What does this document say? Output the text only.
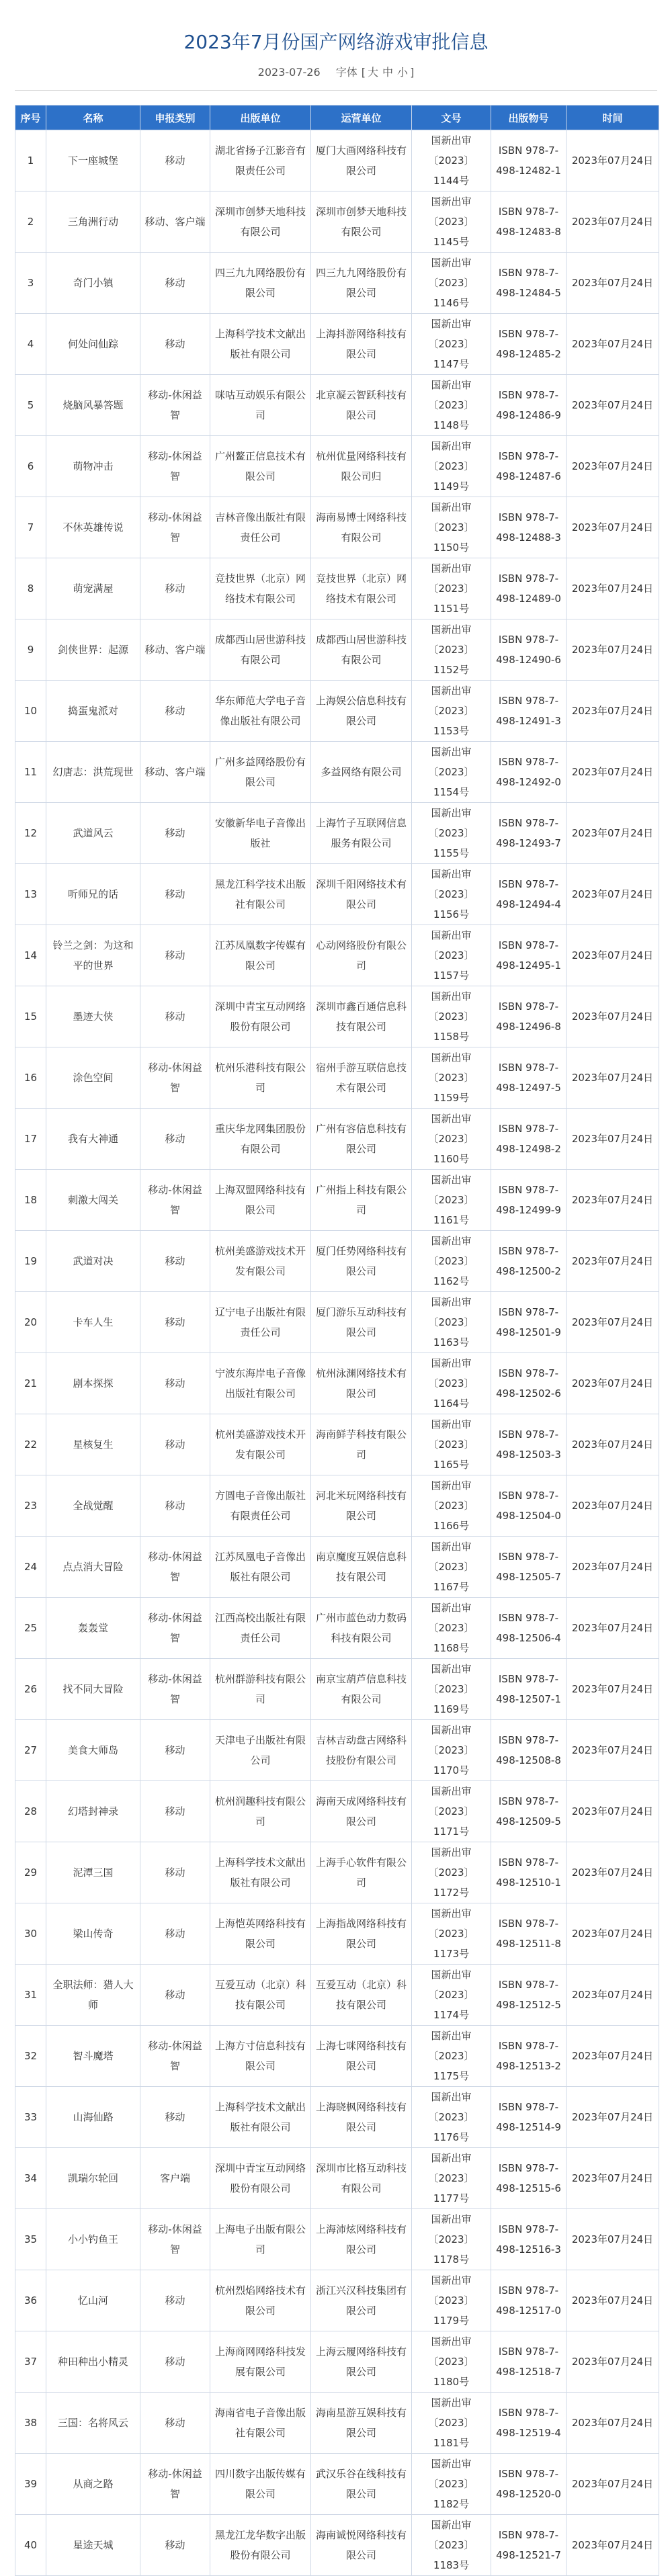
2023年7月份国产网络游戏审批信息
2023-07-26 字体 [ 大 中 小 ]
序号	名称	申报类别	出版单位	运营单位	文号	出版物号	时间
1	下一座城堡	移动	湖北省扬子江影音有限责任公司	厦门大画网络科技有限公司	国新出审〔2023〕1144号	ISBN 978-7-498-12482-1	2023年07月24日
2	三角洲行动	移动、客户端	深圳市创梦天地科技有限公司	深圳市创梦天地科技有限公司	国新出审〔2023〕1145号	ISBN 978-7-498-12483-8	2023年07月24日
3	奇门小镇	移动	四三九九网络股份有限公司	四三九九网络股份有限公司	国新出审〔2023〕1146号	ISBN 978-7-498-12484-5	2023年07月24日
4	何处问仙踪	移动	上海科学技术文献出版社有限公司	上海抖游网络科技有限公司	国新出审〔2023〕1147号	ISBN 978-7-498-12485-2	2023年07月24日
5	烧脑风暴答题	移动-休闲益智	咪咕互动娱乐有限公司	北京凝云智跃科技有限公司	国新出审〔2023〕1148号	ISBN 978-7-498-12486-9	2023年07月24日
6	萌物冲击	移动-休闲益智	广州鳌正信息技术有限公司	杭州优量网络科技有限公司归	国新出审〔2023〕1149号	ISBN 978-7-498-12487-6	2023年07月24日
7	不休英雄传说	移动-休闲益智	吉林音像出版社有限责任公司	海南易博士网络科技有限公司	国新出审〔2023〕1150号	ISBN 978-7-498-12488-3	2023年07月24日
8	萌宠满屋	移动	竞技世界（北京）网络技术有限公司	竞技世界（北京）网络技术有限公司	国新出审〔2023〕1151号	ISBN 978-7-498-12489-0	2023年07月24日
9	剑侠世界：起源	移动、客户端	成都西山居世游科技有限公司	成都西山居世游科技有限公司	国新出审〔2023〕1152号	ISBN 978-7-498-12490-6	2023年07月24日
10	捣蛋鬼派对	移动	华东师范大学电子音像出版社有限公司	上海娱公信息科技有限公司	国新出审〔2023〕1153号	ISBN 978-7-498-12491-3	2023年07月24日
11	幻唐志：洪荒现世	移动、客户端	广州多益网络股份有限公司	多益网络有限公司	国新出审〔2023〕1154号	ISBN 978-7-498-12492-0	2023年07月24日
12	武道风云	移动	安徽新华电子音像出版社	上海竹子互联网信息服务有限公司	国新出审〔2023〕1155号	ISBN 978-7-498-12493-7	2023年07月24日
13	听师兄的话	移动	黑龙江科学技术出版社有限公司	深圳千阳网络技术有限公司	国新出审〔2023〕1156号	ISBN 978-7-498-12494-4	2023年07月24日
14	铃兰之剑：为这和平的世界	移动	江苏凤凰数字传媒有限公司	心动网络股份有限公司	国新出审〔2023〕1157号	ISBN 978-7-498-12495-1	2023年07月24日
15	墨迹大侠	移动	深圳中青宝互动网络股份有限公司	深圳市鑫百通信息科技有限公司	国新出审〔2023〕1158号	ISBN 978-7-498-12496-8	2023年07月24日
16	涂色空间	移动-休闲益智	杭州乐港科技有限公司	宿州手游互联信息技术有限公司	国新出审〔2023〕1159号	ISBN 978-7-498-12497-5	2023年07月24日
17	我有大神通	移动	重庆华龙网集团股份有限公司	广州有容信息科技有限公司	国新出审〔2023〕1160号	ISBN 978-7-498-12498-2	2023年07月24日
18	刺激大闯关	移动-休闲益智	上海双盟网络科技有限公司	广州指上科技有限公司	国新出审〔2023〕1161号	ISBN 978-7-498-12499-9	2023年07月24日
19	武道对决	移动	杭州美盛游戏技术开发有限公司	厦门任势网络科技有限公司	国新出审〔2023〕1162号	ISBN 978-7-498-12500-2	2023年07月24日
20	卡车人生	移动	辽宁电子出版社有限责任公司	厦门游乐互动科技有限公司	国新出审〔2023〕1163号	ISBN 978-7-498-12501-9	2023年07月24日
21	剧本探探	移动	宁波东海岸电子音像出版社有限公司	杭州泳渊网络技术有限公司	国新出审〔2023〕1164号	ISBN 978-7-498-12502-6	2023年07月24日
22	星核复生	移动	杭州美盛游戏技术开发有限公司	海南鲜芋科技有限公司	国新出审〔2023〕1165号	ISBN 978-7-498-12503-3	2023年07月24日
23	全战觉醒	移动	方圆电子音像出版社有限责任公司	河北米玩网络科技有限公司	国新出审〔2023〕1166号	ISBN 978-7-498-12504-0	2023年07月24日
24	点点消大冒险	移动-休闲益智	江苏凤凰电子音像出版社有限公司	南京魔度互娱信息科技有限公司	国新出审〔2023〕1167号	ISBN 978-7-498-12505-7	2023年07月24日
25	轰轰堂	移动-休闲益智	江西高校出版社有限责任公司	广州市蓝色动力数码科技有限公司	国新出审〔2023〕1168号	ISBN 978-7-498-12506-4	2023年07月24日
26	找不同大冒险	移动-休闲益智	杭州群游科技有限公司	南京宝葫芦信息科技有限公司	国新出审〔2023〕1169号	ISBN 978-7-498-12507-1	2023年07月24日
27	美食大师岛	移动	天津电子出版社有限公司	吉林吉动盘古网络科技股份有限公司	国新出审〔2023〕1170号	ISBN 978-7-498-12508-8	2023年07月24日
28	幻塔封神录	移动	杭州润趣科技有限公司	海南天成网络科技有限公司	国新出审〔2023〕1171号	ISBN 978-7-498-12509-5	2023年07月24日
29	泥潭三国	移动	上海科学技术文献出版社有限公司	上海手心软件有限公司	国新出审〔2023〕1172号	ISBN 978-7-498-12510-1	2023年07月24日
30	梁山传奇	移动	上海恺英网络科技有限公司	上海指战网络科技有限公司	国新出审〔2023〕1173号	ISBN 978-7-498-12511-8	2023年07月24日
31	全职法师：猎人大师	移动	互爱互动（北京）科技有限公司	互爱互动（北京）科技有限公司	国新出审〔2023〕1174号	ISBN 978-7-498-12512-5	2023年07月24日
32	智斗魔塔	移动-休闲益智	上海方寸信息科技有限公司	上海七咪网络科技有限公司	国新出审〔2023〕1175号	ISBN 978-7-498-12513-2	2023年07月24日
33	山海仙路	移动	上海科学技术文献出版社有限公司	上海晓枫网络科技有限公司	国新出审〔2023〕1176号	ISBN 978-7-498-12514-9	2023年07月24日
34	凯瑞尔轮回	客户端	深圳中青宝互动网络股份有限公司	深圳市比格互动科技有限公司	国新出审〔2023〕1177号	ISBN 978-7-498-12515-6	2023年07月24日
35	小小钓鱼王	移动-休闲益智	上海电子出版有限公司	上海沛炫网络科技有限公司	国新出审〔2023〕1178号	ISBN 978-7-498-12516-3	2023年07月24日
36	忆山河	移动	杭州烈焰网络技术有限公司	浙江兴汉科技集团有限公司	国新出审〔2023〕1179号	ISBN 978-7-498-12517-0	2023年07月24日
37	种田种出小精灵	移动	上海商网网络科技发展有限公司	上海云履网络科技有限公司	国新出审〔2023〕1180号	ISBN 978-7-498-12518-7	2023年07月24日
38	三国：名将风云	移动	海南省电子音像出版社有限公司	海南星游互娱科技有限公司	国新出审〔2023〕1181号	ISBN 978-7-498-12519-4	2023年07月24日
39	从商之路	移动-休闲益智	四川数字出版传媒有限公司	武汉乐谷在线科技有限公司	国新出审〔2023〕1182号	ISBN 978-7-498-12520-0	2023年07月24日
40	星途天城	移动	黑龙江龙华数字出版股份有限公司	海南诚悦网络科技有限公司	国新出审〔2023〕1183号	ISBN 978-7-498-12521-7	2023年07月24日
